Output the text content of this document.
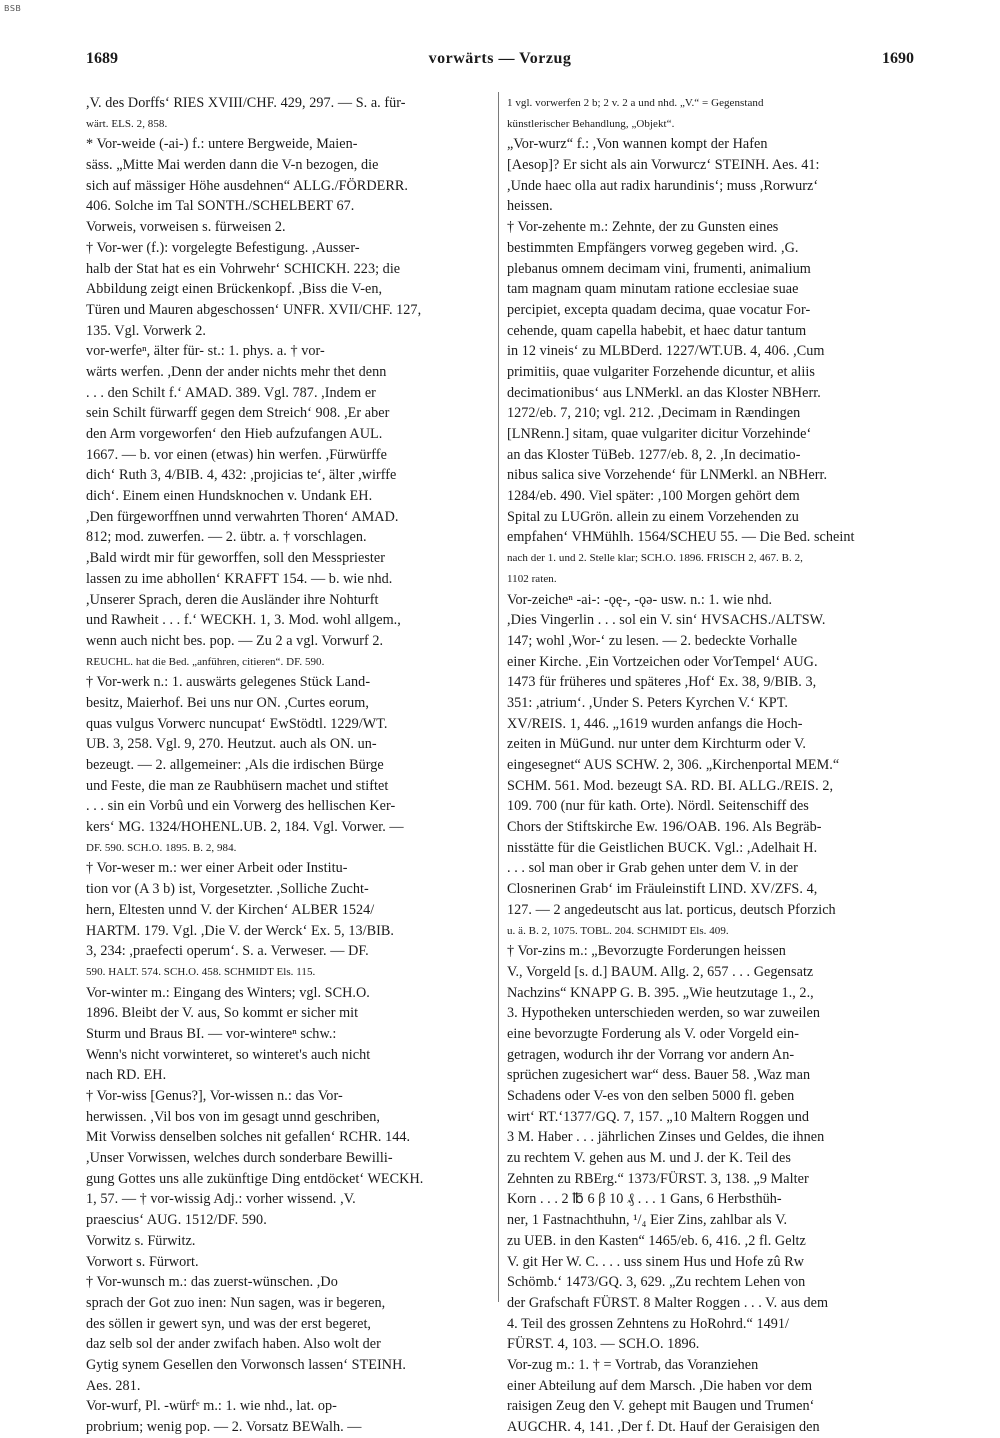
BSB
1689	vorwärts — Vorzug	1690
,V. des Dorffs‘ RIES XVIII/CHF. 429, 297. — S. a. für-
wärt. ELS. 2, 858.
* Vor-weide (-ai-) f.: untere Bergweide, Maien-
säss. „Mitte Mai werden dann die V-n bezogen, die
sich auf mässiger Höhe ausdehnen“ ALLG./FÖRDERR.
406. Solche im Tal SONTH./SCHELBERT 67.
Vorweis, vorweisen s. fürweisen 2.
† Vor-wer (f.): vorgelegte Befestigung. ,Ausser-
halb der Stat hat es ein Vohrwehr‘ SCHICKH. 223; die
Abbildung zeigt einen Brückenkopf. ,Biss die V-en,
Türen und Mauren abgeschossen‘ UNFR. XVII/CHF. 127,
135. Vgl. Vorwerk 2.
vor-werfeⁿ, älter für- st.: 1. phys. a. † vor-
wärts werfen. ,Denn der ander nichts mehr thet denn
. . . den Schilt f.‘ AMAD. 389. Vgl. 787. ,Indem er
sein Schilt fürwarff gegen dem Streich‘ 908. ,Er aber
den Arm vorgeworfen‘ den Hieb aufzufangen AUL.
1667. — b. vor einen (etwas) hin werfen. ,Fürwürffe
dich‘ Ruth 3, 4/BIB. 4, 432: ,projicias te‘, älter ,wirffe
dich‘. Einem einen Hundsknochen v. Undank EH.
,Den fürgeworffnen unnd verwahrten Thoren‘ AMAD.
812; mod. zuwerfen. — 2. übtr. a. † vorschlagen.
,Bald wirdt mir für geworffen, soll den Messpriester
lassen zu ime abhollen‘ KRAFFT 154. — b. wie nhd.
,Unserer Sprach, deren die Ausländer ihre Nohturft
und Rawheit . . . f.‘ WECKH. 1, 3. Mod. wohl allgem.,
wenn auch nicht bes. pop. — Zu 2 a vgl. Vorwurf 2.
REUCHL. hat die Bed. „anführen, citieren“. DF. 590.
† Vor-werk n.: 1. auswärts gelegenes Stück Land-
besitz, Maierhof. Bei uns nur ON. ,Curtes eorum,
quas vulgus Vorwerc nuncupat‘ EwStödtl. 1229/WT.
UB. 3, 258. Vgl. 9, 270. Heutzut. auch als ON. un-
bezeugt. — 2. allgemeiner: ,Als die irdischen Bürge
und Feste, die man ze Raubhüsern machet und stiftet
. . . sin ein Vorbû und ein Vorwerg des hellischen Ker-
kers‘ MG. 1324/HOHENL.UB. 2, 184. Vgl. Vorwer. —
DF. 590. SCH.O. 1895. B. 2, 984.
† Vor-weser m.: wer einer Arbeit oder Institu-
tion vor (A 3 b) ist, Vorgesetzter. ,Solliche Zucht-
hern, Eltesten unnd V. der Kirchen‘ ALBER 1524/
HARTM. 179. Vgl. ,Die V. der Werck‘ Ex. 5, 13/BIB.
3, 234: ,praefecti operum‘. S. a. Verweser. — DF.
590. HALT. 574. SCH.O. 458. SCHMIDT Els. 115.
Vor-winter m.: Eingang des Winters; vgl. SCH.O.
1896. Bleibt der V. aus, So kommt er sicher mit
Sturm und Braus BI. — vor-winterеⁿ schw.:
Wenn's nicht vorwinteret, so winteret's auch nicht
nach RD. EH.
† Vor-wiss [Genus?], Vor-wissen n.: das Vor-
herwissen. ,Vil bos von im gesagt unnd geschriben,
Mit Vorwiss denselben solches nit gefallen‘ RCHR. 144.
,Unser Vorwissen, welches durch sonderbare Bewilli-
gung Gottes uns alle zukünftige Ding entdöcket‘ WECKH.
1, 57. — † vor-wissig Adj.: vorher wissend. ,V.
praescius‘ AUG. 1512/DF. 590.
Vorwitz s. Fürwitz.
Vorwort s. Fürwort.
† Vor-wunsch m.: das zuerst-wünschen. ,Do
sprach der Got zuo inen: Nun sagen, was ir begeren,
des söllen ir gewert syn, und was der erst begeret,
daz selb sol der ander zwifach haben. Also wolt der
Gytig synem Gesellen den Vorwonsch lassen‘ STEINH.
Aes. 281.
Vor-wurf, Pl. -würfᵉ m.: 1. wie nhd., lat. op-
probrium; wenig pop. — 2. Vorsatz BEWalh. —
1 vgl. vorwerfen 2 b; 2 v. 2 a und nhd. „V.“ = Gegenstand
künstlerischer Behandlung, „Objekt“.
„Vor-wurz“ f.: ,Von wannen kompt der Hafen
[Aesop]? Er sicht als ain Vorwurcz‘ STEINH. Aes. 41:
,Unde haec olla aut radix harundinis‘; muss ,Rorwurz‘
heissen.
† Vor-zehente m.: Zehnte, der zu Gunsten eines
bestimmten Empfängers vorweg gegeben wird. ,G.
plebanus omnem decimam vini, frumenti, animalium
tam magnam quam minutam ratione ecclesiae suae
percipiet, excepta quadam decima, quae vocatur For-
cehende, quam capella habebit, et haec datur tantum
in 12 vineis‘ zu MLBDerd. 1227/WT.UB. 4, 406. ,Cum
primitiis, quae vulgariter Forzehende dicuntur, et aliis
decimationibus‘ aus LNMerkl. an das Kloster NBHerr.
1272/eb. 7, 210; vgl. 212. ,Decimam in Rændingen
[LNRenn.] sitam, quae vulgariter dicitur Vorzehinde‘
an das Kloster TüBeb. 1277/eb. 8, 2. ,In decimatio-
nibus salica sive Vorzehende‘ für LNMerkl. an NBHerr.
1284/eb. 490. Viel später: ,100 Morgen gehört dem
Spital zu LUGrön. allein zu einem Vorzehenden zu
empfahen‘ VHMühlh. 1564/SCHEU 55. — Die Bed. scheint
nach der 1. und 2. Stelle klar; SCH.O. 1896. FRISCH 2, 467. B. 2,
1102 raten.
Vor-zeicheⁿ -ai-: -ǫę-, -ǫə- usw. n.: 1. wie nhd.
,Dies Vingerlin . . . sol ein V. sin‘ HVSACHS./ALTSW.
147; wohl ,Wor-‘ zu lesen. — 2. bedeckte Vorhalle
einer Kirche. ,Ein Vortzeichen oder VorTempel‘ AUG.
1473 für früheres und späteres ,Hof‘ Ex. 38, 9/BIB. 3,
351: ,atrium‘. ,Under S. Peters Kyrchen V.‘ KPT.
XV/REIS. 1, 446. „1619 wurden anfangs die Hoch-
zeiten in MüGund. nur unter dem Kirchturm oder V.
eingesegnet“ AUS SCHW. 2, 306. „Kirchenportal MEM.“
SCHM. 561. Mod. bezeugt SA. RD. BI. ALLG./REIS. 2,
109. 700 (nur für kath. Orte). Nördl. Seitenschiff des
Chors der Stiftskirche Ew. 196/OAB. 196. Als Begräb-
nisstätte für die Geistlichen BUCK. Vgl.: ,Adelhait H.
. . . sol man ober ir Grab gehen unter dem V. in der
Closnerinen Grab‘ im Fräuleinstift LIND. XV/ZFS. 4,
127. — 2 angedeutscht aus lat. porticus, deutsch Pforzich
u. ä. B. 2, 1075. TOBL. 204. SCHMIDT Els. 409.
† Vor-zins m.: „Bevorzugte Forderungen heissen
V., Vorgeld [s. d.] BAUM. Allg. 2, 657 . . . Gegensatz
Nachzins“ KNAPP G. B. 395. „Wie heutzutage 1., 2.,
3. Hypotheken unterschieden werden, so war zuweilen
eine bevorzugte Forderung als V. oder Vorgeld ein-
getragen, wodurch ihr der Vorrang vor andern An-
sprüchen zugesichert war“ dess. Bauer 58. ,Waz man
Schadens oder V-es von den selben 5000 fl. geben
wirt‘ RT.‘1377/GQ. 7, 157. „10 Maltern Roggen und
3 M. Haber . . . jährlichen Zinses und Geldes, die ihnen
zu rechtem V. gehen aus M. und J. der K. Teil des
Zehnten zu RBErg.“ 1373/FÜRST. 3, 138. „9 Malter
Korn . . . 2 ℔ 6 β 10 ₰ . . . 1 Gans, 6 Herbsthüh-
ner, 1 Fastnachthuhn, ¹/₄ Eier Zins, zahlbar als V.
zu UEB. in den Kasten“ 1465/eb. 6, 416. ,2 fl. Geltz
V. git Her W. C. . . . uss sinem Hus und Hofe zû Rw
Schömb.‘ 1473/GQ. 3, 629. „Zu rechtem Lehen von
der Grafschaft FÜRST. 8 Malter Roggen . . . V. aus dem
4. Teil des grossen Zehntens zu HoRohrd.“ 1491/
FÜRST. 4, 103. — SCH.O. 1896.
Vor-zug m.: 1. † = Vortrab, das Voranziehen
einer Abteilung auf dem Marsch. ,Die haben vor dem
raisigen Zeug den V. gehept mit Baugen und Trumen‘
AUGCHR. 4, 141. ,Der f. Dt. Hauf der Geraisigen den
